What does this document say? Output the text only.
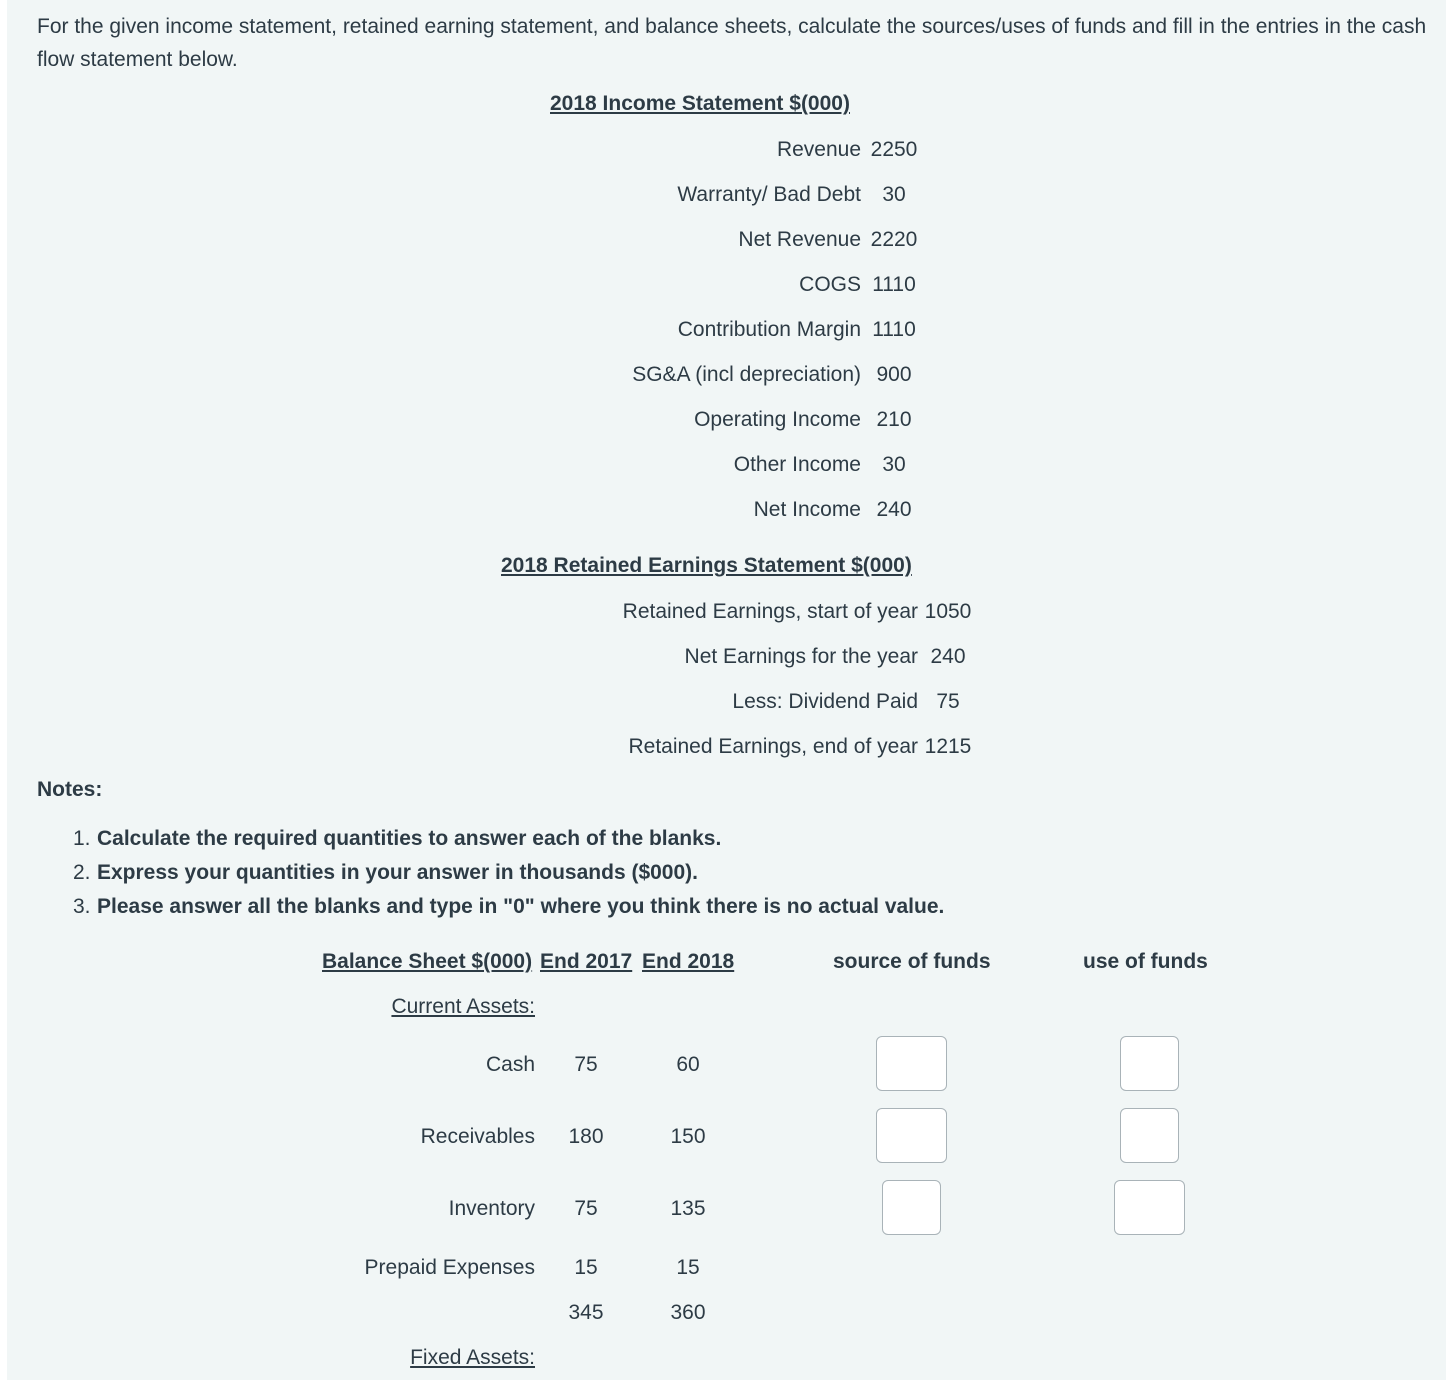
For the given income statement, retained earning statement, and balance sheets, calculate the sources/uses of funds and fill in the entries in the cash flow statement below.

2018 Income Statement $(000)
Revenue 2250
Warranty/ Bad Debt	30
Net Revenue 2220
COGS 1110
Contribution Margin 1110
SG&A (incl depreciation) 900
Operating Income 210
Other Income	30
Net Income 240
2018 Retained Earnings Statement $(000)
Retained Earnings, start of year 1050
Net Earnings for the year 240
Less: Dividend Paid 75
Retained Earnings, end of year 1215
Notes:
1. Calculate the required quantities to answer each of the blanks.
2. Express your quantities in your answer in thousands ($000).
3. Please answer all the blanks and type in "0" where you think there is no actual value.
Balance Sheet $(000) End 2017 End 2018	source of funds	use of funds
Current Assets:
Cash	75	60
Receivables	180	150
Inventory	75	135
Prepaid Expenses	15	15
345	360
Fixed Assets:
